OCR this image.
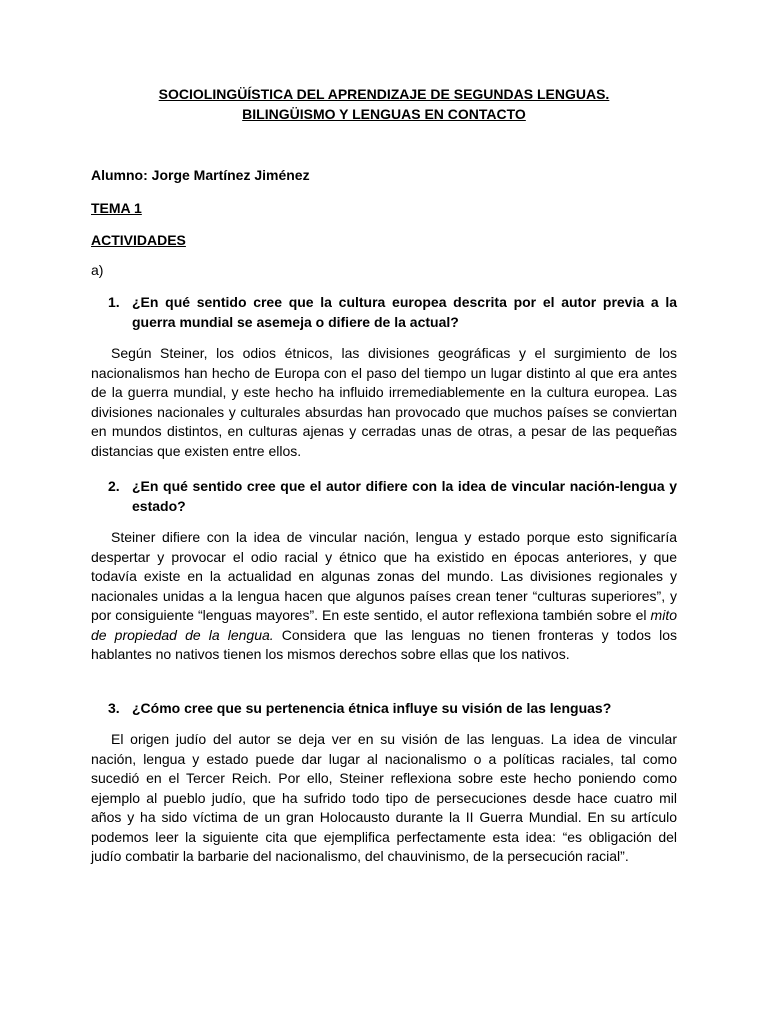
SOCIOLINGÜÍSTICA DEL APRENDIZAJE DE SEGUNDAS LENGUAS.
BILINGÜISMO Y LENGUAS EN CONTACTO

Alumno: Jorge Martínez Jiménez

TEMA 1

ACTIVIDADES

a)

1. ¿En qué sentido cree que la cultura europea descrita por el autor previa a la guerra mundial se asemeja o difiere de la actual?

Según Steiner, los odios étnicos, las divisiones geográficas y el surgimiento de los nacionalismos han hecho de Europa con el paso del tiempo un lugar distinto al que era antes de la guerra mundial, y este hecho ha influido irremediablemente en la cultura europea. Las divisiones nacionales y culturales absurdas han provocado que muchos países se conviertan en mundos distintos, en culturas ajenas y cerradas unas de otras, a pesar de las pequeñas distancias que existen entre ellos.

2. ¿En qué sentido cree que el autor difiere con la idea de vincular nación-lengua y estado?

Steiner difiere con la idea de vincular nación, lengua y estado porque esto significaría despertar y provocar el odio racial y étnico que ha existido en épocas anteriores, y que todavía existe en la actualidad en algunas zonas del mundo. Las divisiones regionales y nacionales unidas a la lengua hacen que algunos países crean tener “culturas superiores”, y por consiguiente “lenguas mayores”. En este sentido, el autor reflexiona también sobre el mito de propiedad de la lengua. Considera que las lenguas no tienen fronteras y todos los hablantes no nativos tienen los mismos derechos sobre ellas que los nativos.

3. ¿Cómo cree que su pertenencia étnica influye su visión de las lenguas?

El origen judío del autor se deja ver en su visión de las lenguas. La idea de vincular nación, lengua y estado puede dar lugar al nacionalismo o a políticas raciales, tal como sucedió en el Tercer Reich. Por ello, Steiner reflexiona sobre este hecho poniendo como ejemplo al pueblo judío, que ha sufrido todo tipo de persecuciones desde hace cuatro mil años y ha sido víctima de un gran Holocausto durante la II Guerra Mundial. En su artículo podemos leer la siguiente cita que ejemplifica perfectamente esta idea: “es obligación del judío combatir la barbarie del nacionalismo, del chauvinismo, de la persecución racial”.
